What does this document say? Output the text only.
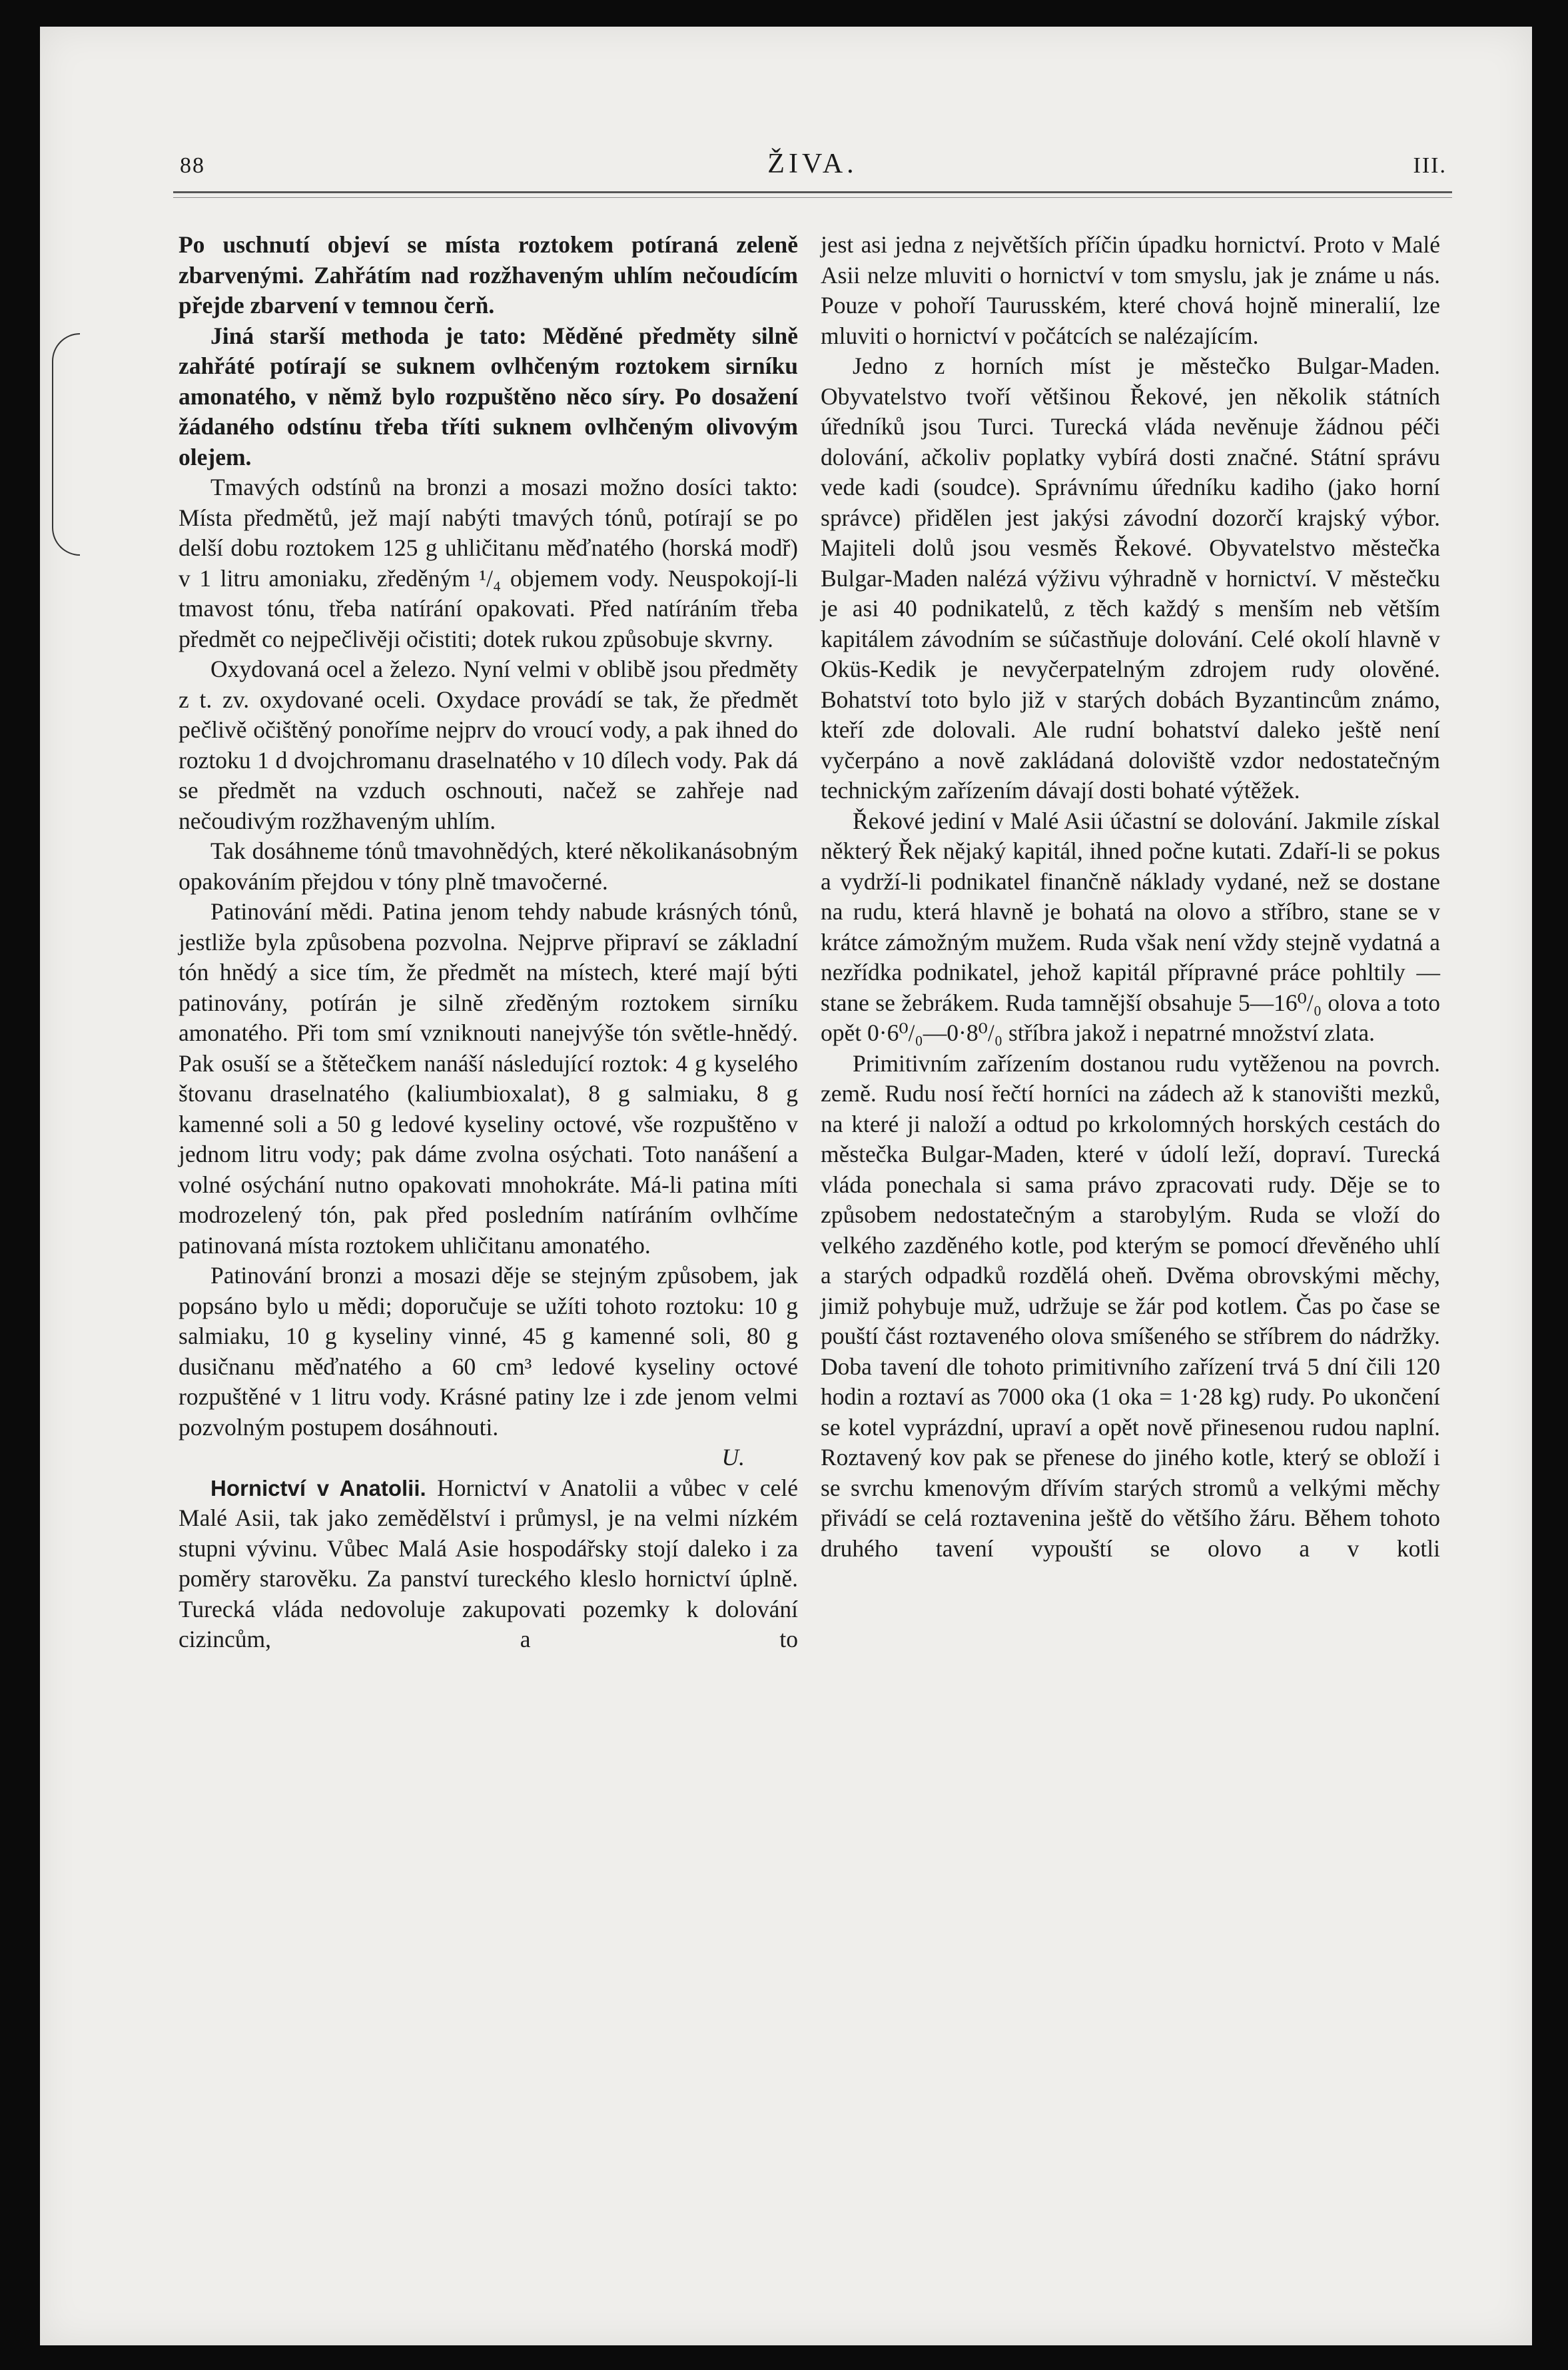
88	ŽIVA.	III.

Po uschnutí objeví se místa roztokem potíraná zeleně zbarvenými. Zahřátím nad rozžhaveným uhlím nečoudícím přejde zbarvení v temnou čerň.

Jiná starší methoda je tato: Měděné předměty silně zahřáté potírají se suknem ovlhčeným roztokem sirníku amonatého, v němž bylo rozpuštěno něco síry. Po dosažení žádaného odstínu třeba tříti suknem ovlhčeným olivovým olejem.

Tmavých odstínů na bronzi a mosazi možno dosíci takto: Místa předmětů, jež mají nabýti tmavých tónů, potírají se po delší dobu roztokem 125 g uhličitanu měďnatého (horská modř) v 1 litru amoniaku, zředěným ¹/₄ objemem vody. Neuspokojí-li tmavost tónu, třeba natírání opakovati. Před natíráním třeba předmět co nejpečlivěji očistiti; dotek rukou způsobuje skvrny.

Oxydovaná ocel a železo. Nyní velmi v oblibě jsou předměty z t. zv. oxydované oceli. Oxydace provádí se tak, že předmět pečlivě očištěný ponoříme nejprv do vroucí vody, a pak ihned do roztoku 1 d dvojchromanu draselnatého v 10 dílech vody. Pak dá se předmět na vzduch oschnouti, načež se zahřeje nad nečoudivým rozžhaveným uhlím.

Tak dosáhneme tónů tmavohnědých, které několikanásobným opakováním přejdou v tóny plně tmavočerné.

Patinování mědi. Patina jenom tehdy nabude krásných tónů, jestliže byla způsobena pozvolna. Nejprve připraví se základní tón hnědý a sice tím, že předmět na místech, které mají býti patinovány, potírán je silně zředěným roztokem sirníku amonatého. Při tom smí vzniknouti nanejvýše tón světle-hnědý. Pak osuší se a štětečkem nanáší následující roztok: 4 g kyselého štovanu draselnatého (kaliumbioxalat), 8 g salmiaku, 8 g kamenné soli a 50 g ledové kyseliny octové, vše rozpuštěno v jednom litru vody; pak dáme zvolna osýchati. Toto nanášení a volné osýchání nutno opakovati mnohokráte. Má-li patina míti modrozelený tón, pak před posledním natíráním ovlhčíme patinovaná místa roztokem uhličitanu amonatého.

Patinování bronzi a mosazi děje se stejným způsobem, jak popsáno bylo u mědi; doporučuje se užíti tohoto roztoku: 10 g salmiaku, 10 g kyseliny vinné, 45 g kamenné soli, 80 g dusičnanu měďnatého a 60 cm³ ledové kyseliny octové rozpuštěné v 1 litru vody. Krásné patiny lze i zde jenom velmi pozvolným postupem dosáhnouti.

U.

Hornictví v Anatolii. Hornictví v Anatolii a vůbec v celé Malé Asii, tak jako zemědělství i průmysl, je na velmi nízkém stupni vývinu. Vůbec Malá Asie hospodářsky stojí daleko i za poměry starověku. Za panství tureckého kleslo hornictví úplně. Turecká vláda nedovoluje zakupovati pozemky k dolování cizincům, a to

jest asi jedna z největších příčin úpadku hornictví. Proto v Malé Asii nelze mluviti o hornictví v tom smyslu, jak je známe u nás. Pouze v pohoří Taurusském, které chová hojně mineralií, lze mluviti o hornictví v počátcích se nalézajícím.

Jedno z horních míst je městečko Bulgar-Maden. Obyvatelstvo tvoří většinou Řekové, jen několik státních úředníků jsou Turci. Turecká vláda nevěnuje žádnou péči dolování, ačkoliv poplatky vybírá dosti značné. Státní správu vede kadi (soudce). Správnímu úředníku kadiho (jako horní správce) přidělen jest jakýsi závodní dozorčí krajský výbor. Majiteli dolů jsou vesměs Řekové. Obyvatelstvo městečka Bulgar-Maden nalézá výživu výhradně v hornictví. V městečku je asi 40 podnikatelů, z těch každý s menším neb větším kapitálem závodním se súčastňuje dolování. Celé okolí hlavně v Oküs-Kedik je nevyčerpatelným zdrojem rudy olověné. Bohatství toto bylo již v starých dobách Byzantincům známo, kteří zde dolovali. Ale rudní bohatství daleko ještě není vyčerpáno a nově zakládaná doloviště vzdor nedostatečným technickým zařízením dávají dosti bohaté výtěžek.

Řekové jediní v Malé Asii účastní se dolování. Jakmile získal některý Řek nějaký kapitál, ihned počne kutati. Zdaří-li se pokus a vydrží-li podnikatel finančně náklady vydané, než se dostane na rudu, která hlavně je bohatá na olovo a stříbro, stane se v krátce zámožným mužem. Ruda však není vždy stejně vydatná a nezřídka podnikatel, jehož kapitál přípravné práce pohltily — stane se žebrákem. Ruda tamnější obsahuje 5—16⁰/₀ olova a toto opět 0·6⁰/₀—0·8⁰/₀ stříbra jakož i nepatrné množství zlata.

Primitivním zařízením dostanou rudu vytěženou na povrch. země. Rudu nosí řečtí horníci na zádech až k stanovišti mezků, na které ji naloží a odtud po krkolomných horských cestách do městečka Bulgar-Maden, které v údolí leží, dopraví. Turecká vláda ponechala si sama právo zpracovati rudy. Děje se to způsobem nedostatečným a starobylým. Ruda se vloží do velkého zazděného kotle, pod kterým se pomocí dřevěného uhlí a starých odpadků rozdělá oheň. Dvěma obrovskými měchy, jimiž pohybuje muž, udržuje se žár pod kotlem. Čas po čase se pouští část roztaveného olova smíšeného se stříbrem do nádržky. Doba tavení dle tohoto primitivního zařízení trvá 5 dní čili 120 hodin a roztaví as 7000 oka (1 oka = 1·28 kg) rudy. Po ukončení se kotel vyprázdní, upraví a opět nově přinesenou rudou naplní. Roztavený kov pak se přenese do jiného kotle, který se obloží i se svrchu kmenovým dřívím starých stromů a velkými měchy přivádí se celá roztavenina ještě do většího žáru. Během tohoto druhého tavení vypouští se olovo a v kotli
